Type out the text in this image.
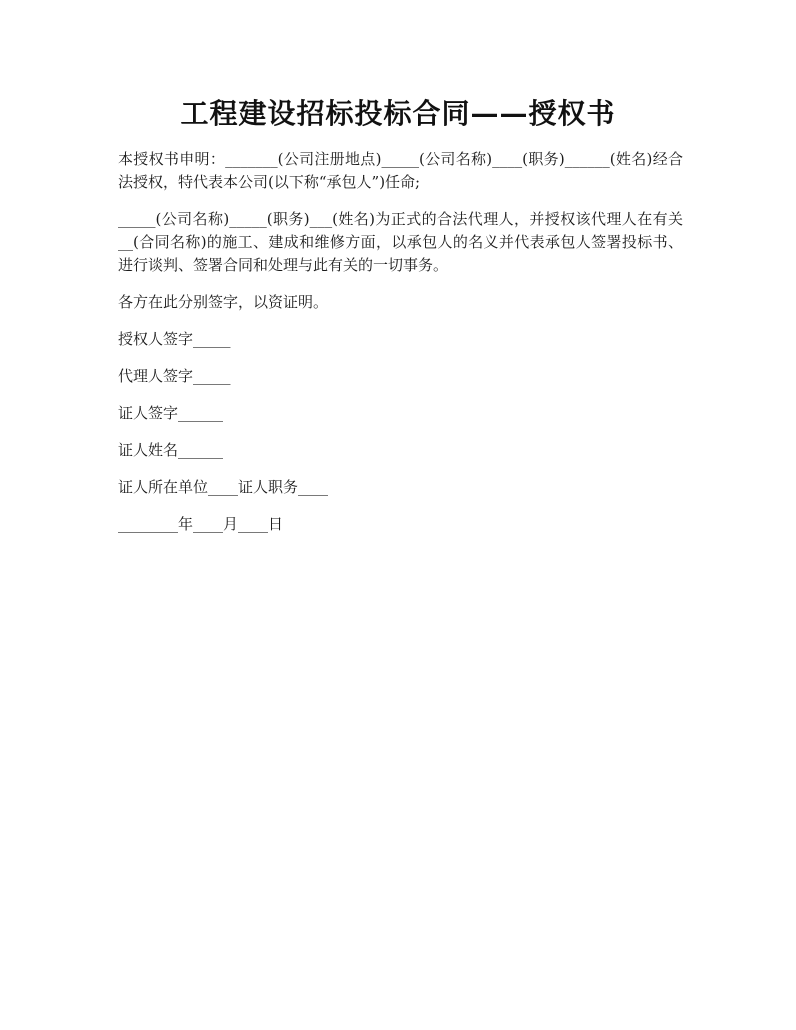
工程建设招标投标合同——授权书

本授权书申明：_______(公司注册地点)_____(公司名称)____(职务)______(姓名)经合法授权，特代表本公司(以下称“承包人”)任命;

_____(公司名称)_____(职务)___(姓名)为正式的合法代理人，并授权该代理人在有关__(合同名称)的施工、建成和维修方面，以承包人的名义并代表承包人签署投标书、进行谈判、签署合同和处理与此有关的一切事务。

各方在此分别签字，以资证明。

授权人签字_____
代理人签字_____
证人签字______
证人姓名______
证人所在单位____证人职务____
________年____月____日
